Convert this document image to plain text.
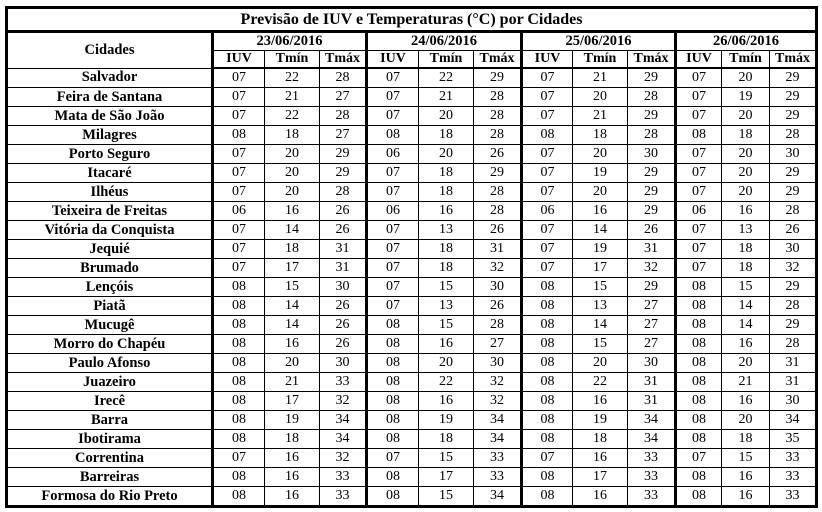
Previsão de IUV e Temperaturas (°C) por Cidades												
Cidades	23/06/2016			24/06/2016			25/06/2016			26/06/2016		
	IUV	Tmín	Tmáx	IUV	Tmín	Tmáx	IUV	Tmín	Tmáx	IUV	Tmín	Tmáx
Salvador	07	22	28	07	22	29	07	21	29	07	20	29
Feira de Santana	07	21	27	07	21	28	07	20	28	07	19	29
Mata de São João	07	22	28	07	20	28	07	21	29	07	20	29
Milagres	08	18	27	08	18	28	08	18	28	08	18	28
Porto Seguro	07	20	29	06	20	26	07	20	30	07	20	30
Itacaré	07	20	29	07	18	29	07	19	29	07	20	29
Ilhéus	07	20	28	07	18	28	07	20	29	07	20	29
Teixeira de Freitas	06	16	26	06	16	28	06	16	29	06	16	28
Vitória da Conquista	07	14	26	07	13	26	07	14	26	07	13	26
Jequié	07	18	31	07	18	31	07	19	31	07	18	30
Brumado	07	17	31	07	18	32	07	17	32	07	18	32
Lençóis	08	15	30	07	15	30	08	15	29	08	15	29
Piatã	08	14	26	07	13	26	08	13	27	08	14	28
Mucugê	08	14	26	08	15	28	08	14	27	08	14	29
Morro do Chapéu	08	16	26	08	16	27	08	15	27	08	16	28
Paulo Afonso	08	20	30	08	20	30	08	20	30	08	20	31
Juazeiro	08	21	33	08	22	32	08	22	31	08	21	31
Irecê	08	17	32	08	16	32	08	16	31	08	16	30
Barra	08	19	34	08	19	34	08	19	34	08	20	34
Ibotirama	08	18	34	08	18	34	08	18	34	08	18	35
Correntina	07	16	32	07	15	33	07	16	33	07	15	33
Barreiras	08	16	33	08	17	33	08	17	33	08	16	33
Formosa do Rio Preto	08	16	33	08	15	34	08	16	33	08	16	33
